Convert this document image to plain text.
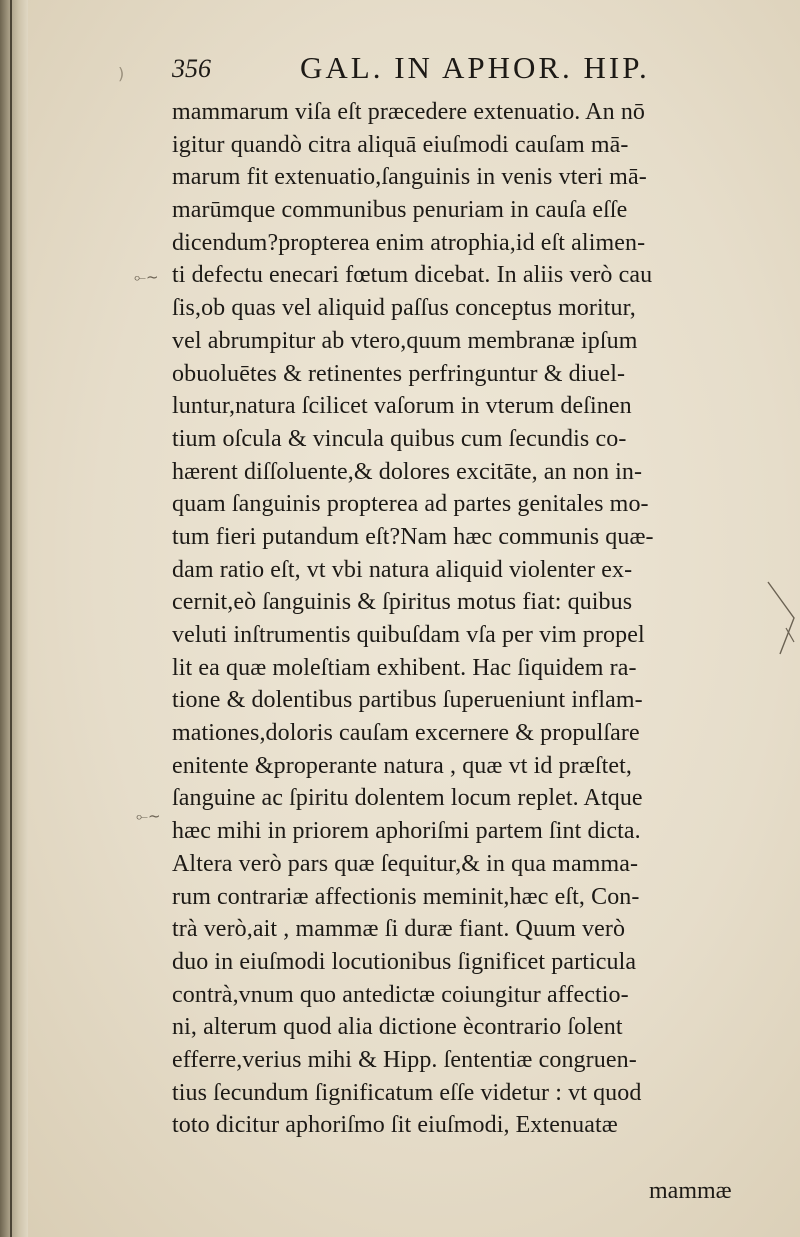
) 356	GAL. IN APHOR. HIP.
⟜~
⟜~
mammarum viſa eſt præcedere extenuatio. An nō
igitur quandò citra aliquā eiuſmodi cauſam mā-
marum fit extenuatio,ſanguinis in venis vteri mā-
marūmque communibus penuriam in cauſa eſſe
dicendum?propterea enim atrophia,id eſt alimen-
ti defectu enecari fœtum dicebat. In aliis verò cau
ſis,ob quas vel aliquid paſſus conceptus moritur,
vel abrumpitur ab vtero,quum membranæ ipſum
obuoluētes & retinentes perfringuntur & diuel-
luntur,natura ſcilicet vaſorum in vterum deſinen
tium oſcula & vincula quibus cum ſecundis co-
hærent diſſoluente,& dolores excitāte, an non in-
quam ſanguinis propterea ad partes genitales mo-
tum fieri putandum eſt?Nam hæc communis quæ-
dam ratio eſt, vt vbi natura aliquid violenter ex-
cernit,eò ſanguinis & ſpiritus motus fiat: quibus
veluti inſtrumentis quibuſdam vſa per vim propel
lit ea quæ moleſtiam exhibent. Hac ſiquidem ra-
tione & dolentibus partibus ſuperueniunt inflam-
mationes,doloris cauſam excernere & propulſare
enitente &properante natura , quæ vt id præſtet,
ſanguine ac ſpiritu dolentem locum replet. Atque
hæc mihi in priorem aphoriſmi partem ſint dicta.
Altera verò pars quæ ſequitur,& in qua mamma-
rum contrariæ affectionis meminit,hæc eſt, Con-
trà verò,ait , mammæ ſi duræ fiant. Quum verò
duo in eiuſmodi locutionibus ſignificet particula
contrà,vnum quo antedictæ coiungitur affectio-
ni, alterum quod alia dictione ècontrario ſolent
efferre,verius mihi & Hipp. ſententiæ congruen-
tius ſecundum ſignificatum eſſe videtur : vt quod
toto dicitur aphoriſmo ſit eiuſmodi, Extenuatæ
mammæ
